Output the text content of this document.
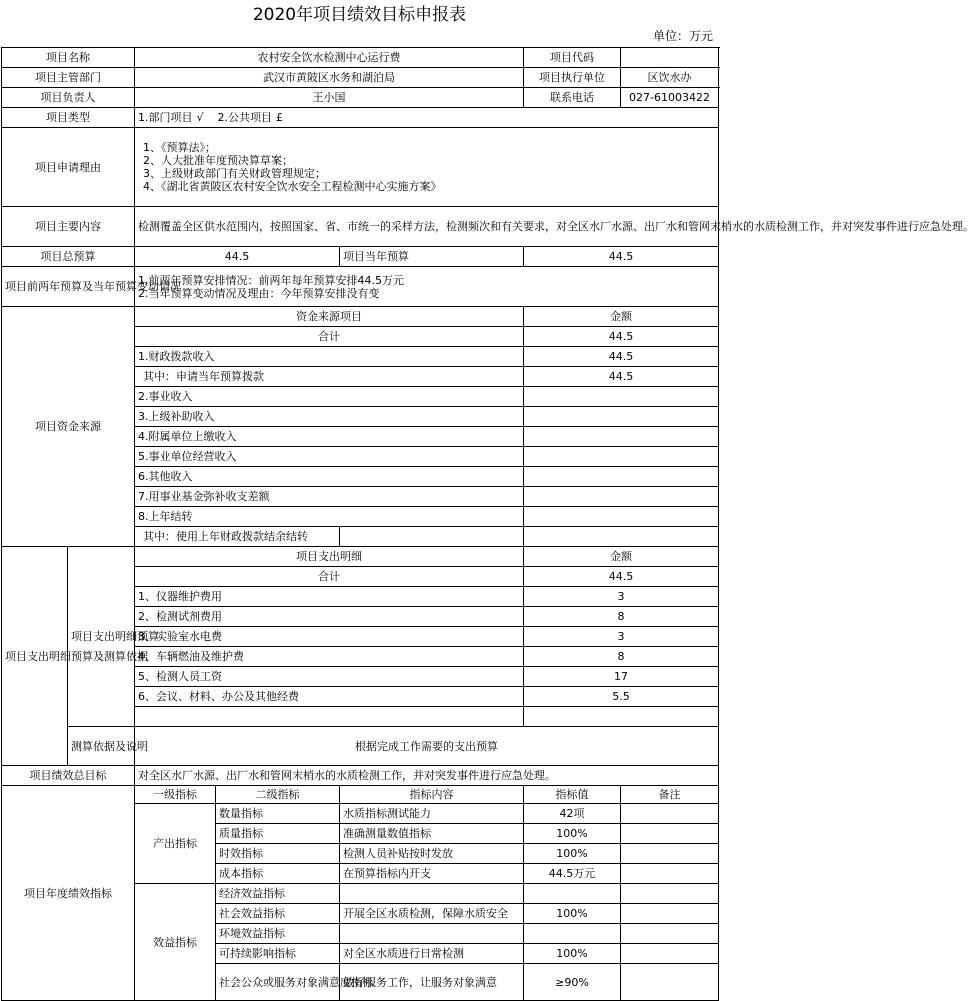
2020年项目绩效目标申报表
单位：万元
项目名称		农村安全饮水检测中心运行费			项目代码	
项目主管部门		武汉市黄陂区水务和湖泊局			项目执行单位	区饮水办
项目负责人		王小国			联系电话	027-61003422
项目类型		1.部门项目 √ 2.公共项目 £				
项目申请理由		1、《预算法》；
2、人大批准年度预决算草案；
3、上级财政部门有关财政管理规定；
4、《湖北省黄陂区农村安全饮水安全工程检测中心实施方案》				

项目主要内容		检测覆盖全区供水范围内，按照国家、省、市统一的采样方法，检测频次和有关要求，对全区水厂水源、出厂水和管网末梢水的水质检测工作，并对突发事件进行应急处理。				
项目总预算		44.5		项目当年预算	44.5	
项目前两年预算及当年预算变动情况		1.前两年预算安排情况：前两年每年预算安排44.5万元
2.当年预算变动情况及理由：今年预算安排没有变				

项目资金来源		资金来源项目			金额	
		合计			44.5	
		1.财政拨款收入			44.5	
		其中：申请当年预算拨款			44.5	
		2.事业收入				
		3.上级补助收入				
		4.附属单位上缴收入				
		5.事业单位经营收入				
		6.其他收入				
		7.用事业基金弥补收支差额				
		8.上年结转				
		其中：使用上年财政拨款结余结转				
项目支出明细预算及测算依据	项目支出明细预算	项目支出明细			金额	
		合计			44.5	
		1、仪器维护费用			3	
		2、检测试剂费用			8	
		3、实验室水电费			3	
		4、车辆燃油及维护费			8	
		5、检测人员工资			17	
		6、会议、材料、办公及其他经费			5.5	

	测算依据及说明	根据完成工作需要的支出预算				
项目绩效总目标		对全区水厂水源、出厂水和管网末梢水的水质检测工作，并对突发事件进行应急处理。				
项目年度绩效指标		一级指标	二级指标	指标内容	指标值	备注
		产出指标	数量指标	水质指标测试能力	42项	
			质量指标	准确测量数值指标	100%	
			时效指标	检测人员补贴按时发放	100%	
			成本指标	在预算指标内开支	44.5万元	
		效益指标	经济效益指标			
			社会效益指标	开展全区水质检测，保障水质安全	100%	
			环境效益指标			
			可持续影响指标	对全区水质进行日常检测	100%	
			社会公众或服务对象满意度指标	做好服务工作，让服务对象满意	≥90%	
